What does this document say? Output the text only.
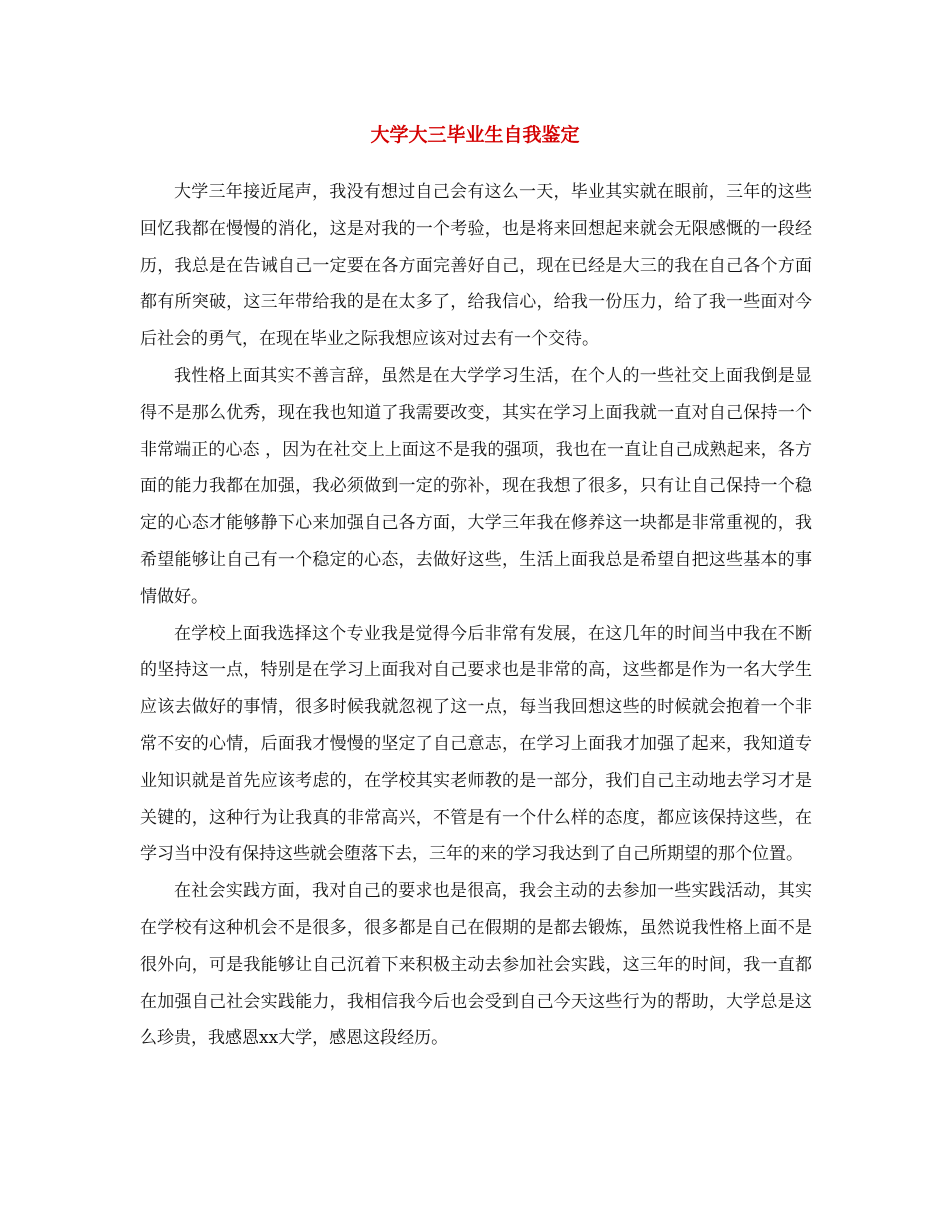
大学大三毕业生自我鉴定

大学三年接近尾声，我没有想过自己会有这么一天，毕业其实就在眼前，三年的这些回忆我都在慢慢的消化，这是对我的一个考验，也是将来回想起来就会无限感慨的一段经历，我总是在告诫自己一定要在各方面完善好自己，现在已经是大三的我在自己各个方面都有所突破，这三年带给我的是在太多了，给我信心，给我一份压力，给了我一些面对今后社会的勇气，在现在毕业之际我想应该对过去有一个交待。

我性格上面其实不善言辞，虽然是在大学学习生活，在个人的一些社交上面我倒是显得不是那么优秀，现在我也知道了我需要改变，其实在学习上面我就一直对自己保持一个非常端正的心态 ，因为在社交上上面这不是我的强项，我也在一直让自己成熟起来，各方面的能力我都在加强，我必须做到一定的弥补，现在我想了很多，只有让自己保持一个稳定的心态才能够静下心来加强自己各方面，大学三年我在修养这一块都是非常重视的，我希望能够让自己有一个稳定的心态，去做好这些，生活上面我总是希望自把这些基本的事情做好。

在学校上面我选择这个专业我是觉得今后非常有发展，在这几年的时间当中我在不断的坚持这一点，特别是在学习上面我对自己要求也是非常的高，这些都是作为一名大学生应该去做好的事情，很多时候我就忽视了这一点，每当我回想这些的时候就会抱着一个非常不安的心情，后面我才慢慢的坚定了自己意志，在学习上面我才加强了起来，我知道专业知识就是首先应该考虑的，在学校其实老师教的是一部分，我们自己主动地去学习才是关键的，这种行为让我真的非常高兴，不管是有一个什么样的态度，都应该保持这些，在学习当中没有保持这些就会堕落下去，三年的来的学习我达到了自己所期望的那个位置。

在社会实践方面，我对自己的要求也是很高，我会主动的去参加一些实践活动，其实在学校有这种机会不是很多，很多都是自己在假期的是都去锻炼，虽然说我性格上面不是很外向，可是我能够让自己沉着下来积极主动去参加社会实践，这三年的时间，我一直都在加强自己社会实践能力，我相信我今后也会受到自己今天这些行为的帮助，大学总是这么珍贵，我感恩xx大学，感恩这段经历。
